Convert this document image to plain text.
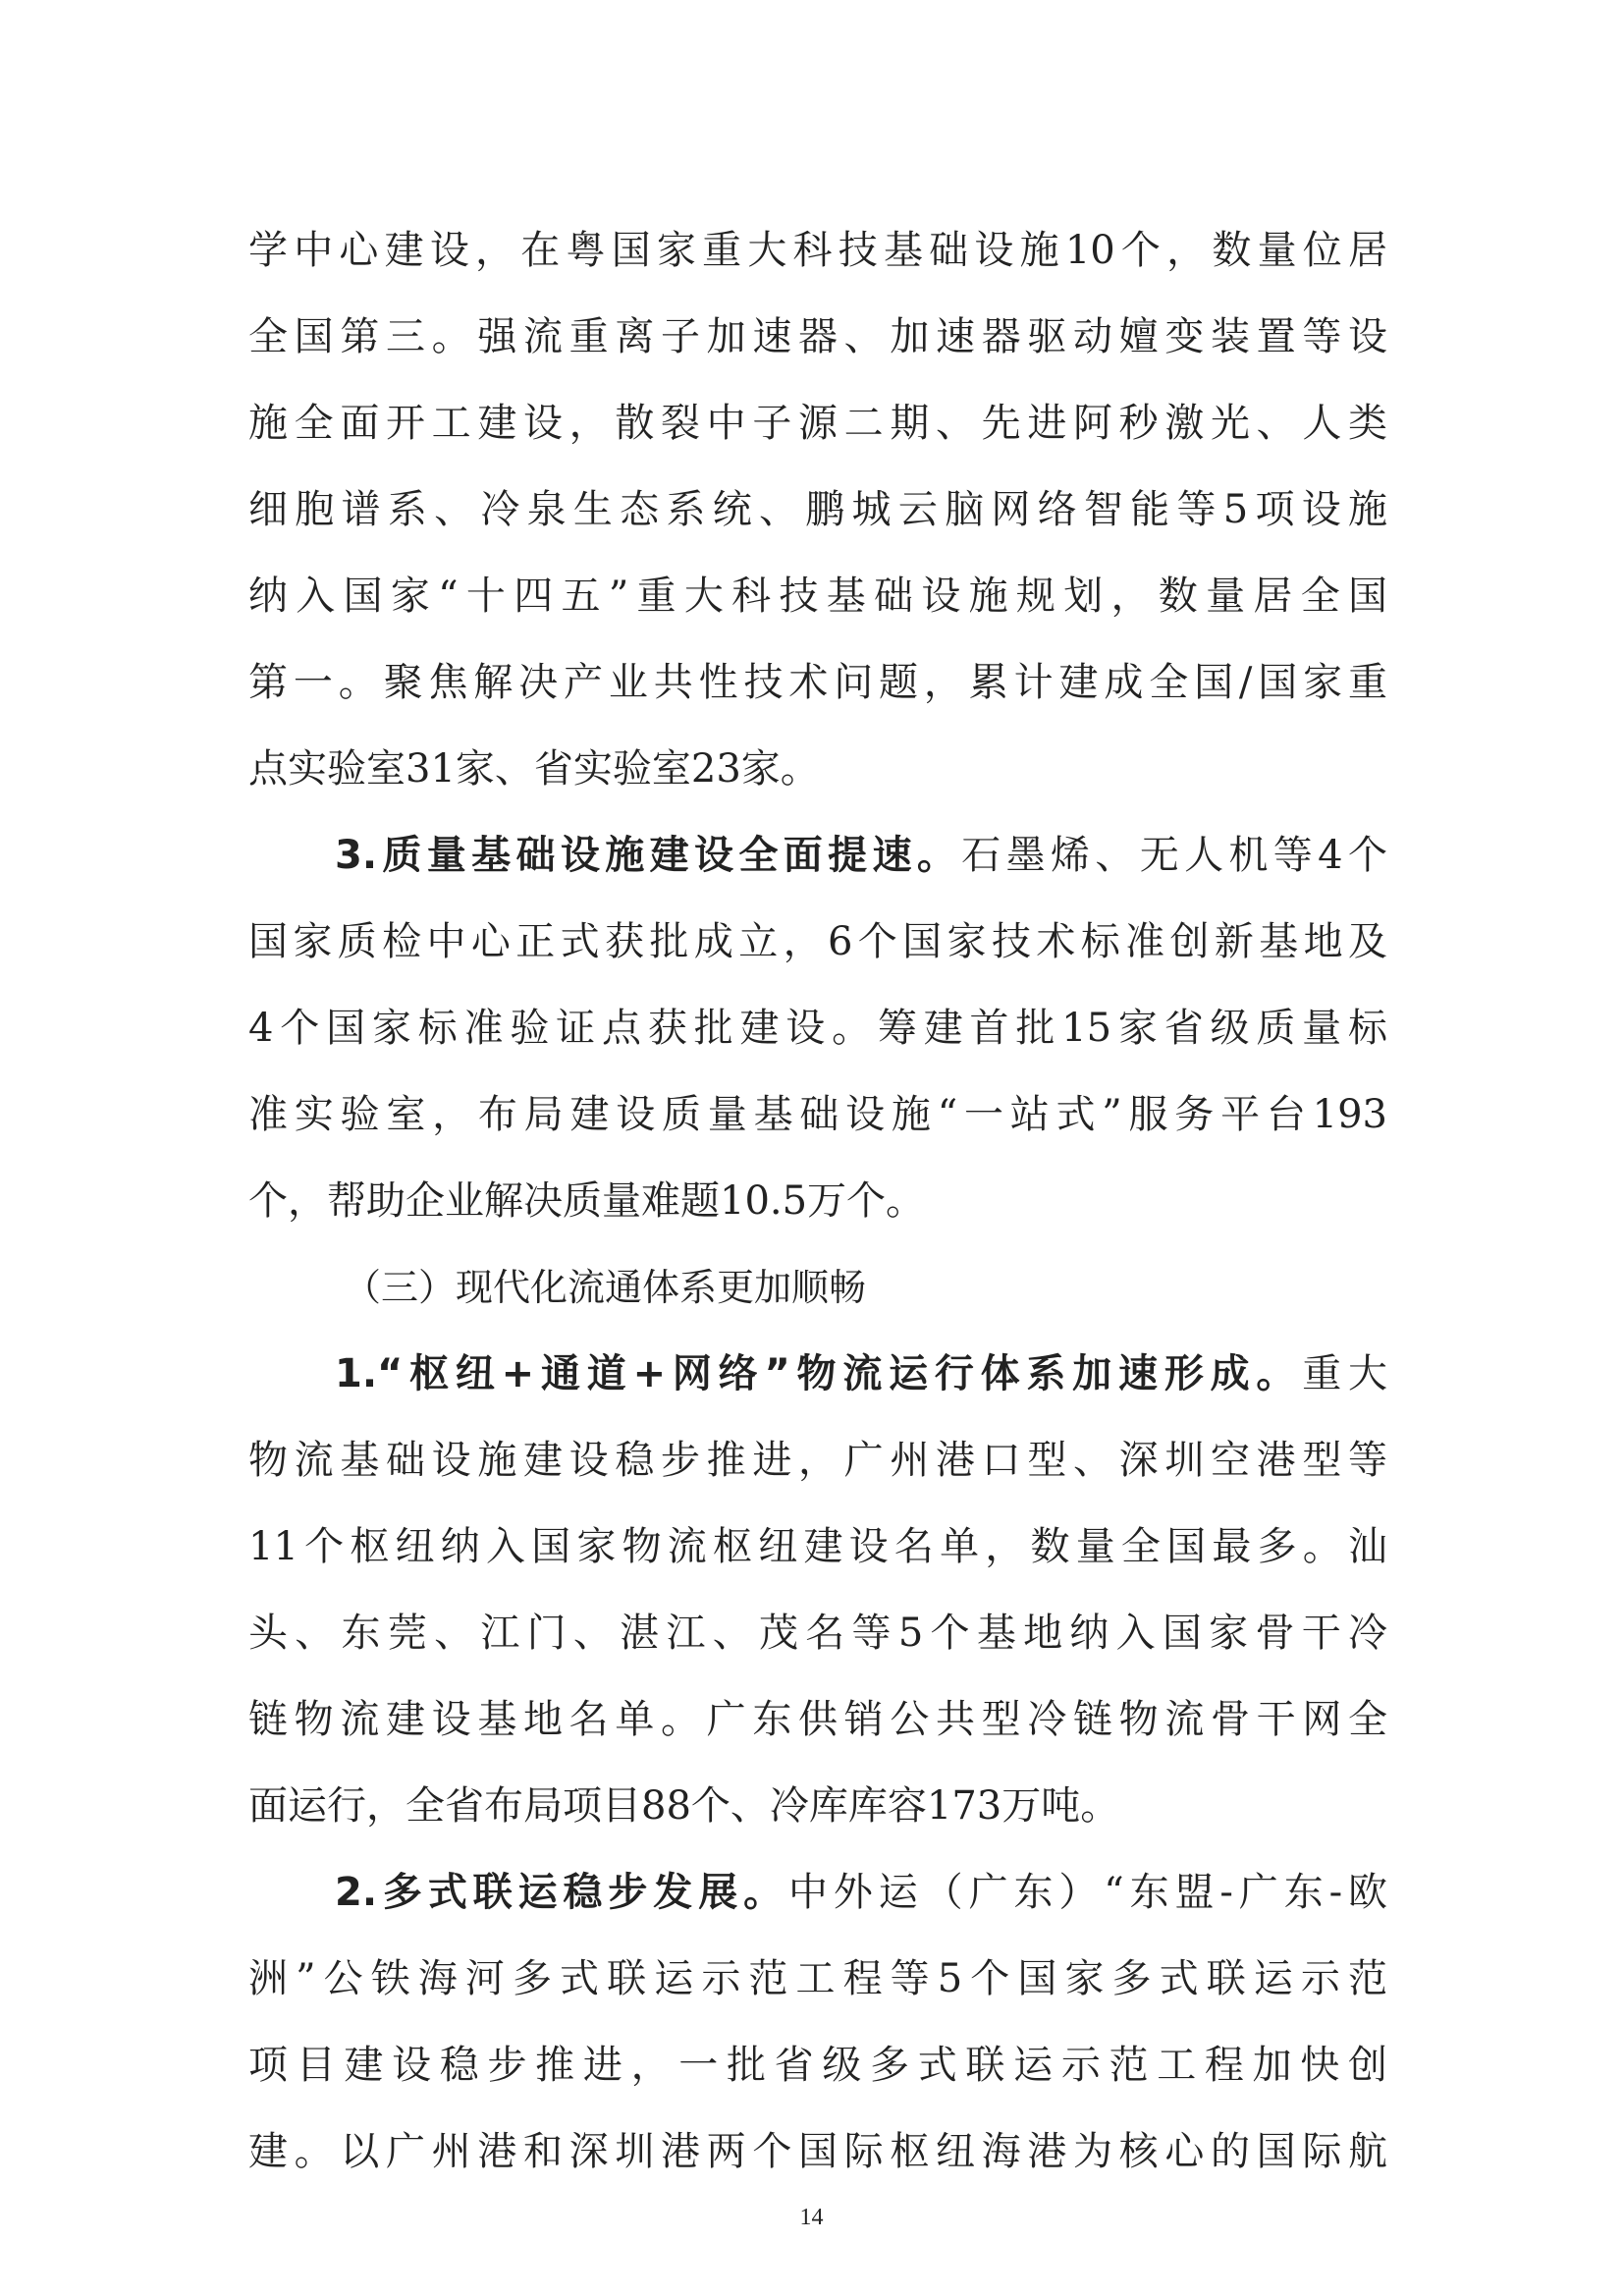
学中心建设，在粤国家重大科技基础设施10个，数量位居
全国第三。强流重离子加速器、加速器驱动嬗变装置等设
施全面开工建设，散裂中子源二期、先进阿秒激光、人类
细胞谱系、冷泉生态系统、鹏城云脑网络智能等5项设施
纳入国家“十四五”重大科技基础设施规划，数量居全国
第一。聚焦解决产业共性技术问题，累计建成全国/国家重
点实验室31家、省实验室23家。
3.质量基础设施建设全面提速。石墨烯、无人机等4个
国家质检中心正式获批成立，6个国家技术标准创新基地及
4个国家标准验证点获批建设。筹建首批15家省级质量标
准实验室，布局建设质量基础设施“一站式”服务平台193
个，帮助企业解决质量难题10.5万个。
（三）现代化流通体系更加顺畅
1.“枢纽+通道+网络”物流运行体系加速形成。重大
物流基础设施建设稳步推进，广州港口型、深圳空港型等
11个枢纽纳入国家物流枢纽建设名单，数量全国最多。汕
头、东莞、江门、湛江、茂名等5个基地纳入国家骨干冷
链物流建设基地名单。广东供销公共型冷链物流骨干网全
面运行，全省布局项目88个、冷库库容173万吨。
2.多式联运稳步发展。中外运（广东）“东盟-广东-欧
洲”公铁海河多式联运示范工程等5个国家多式联运示范
项目建设稳步推进，一批省级多式联运示范工程加快创
建。以广州港和深圳港两个国际枢纽海港为核心的国际航
14
